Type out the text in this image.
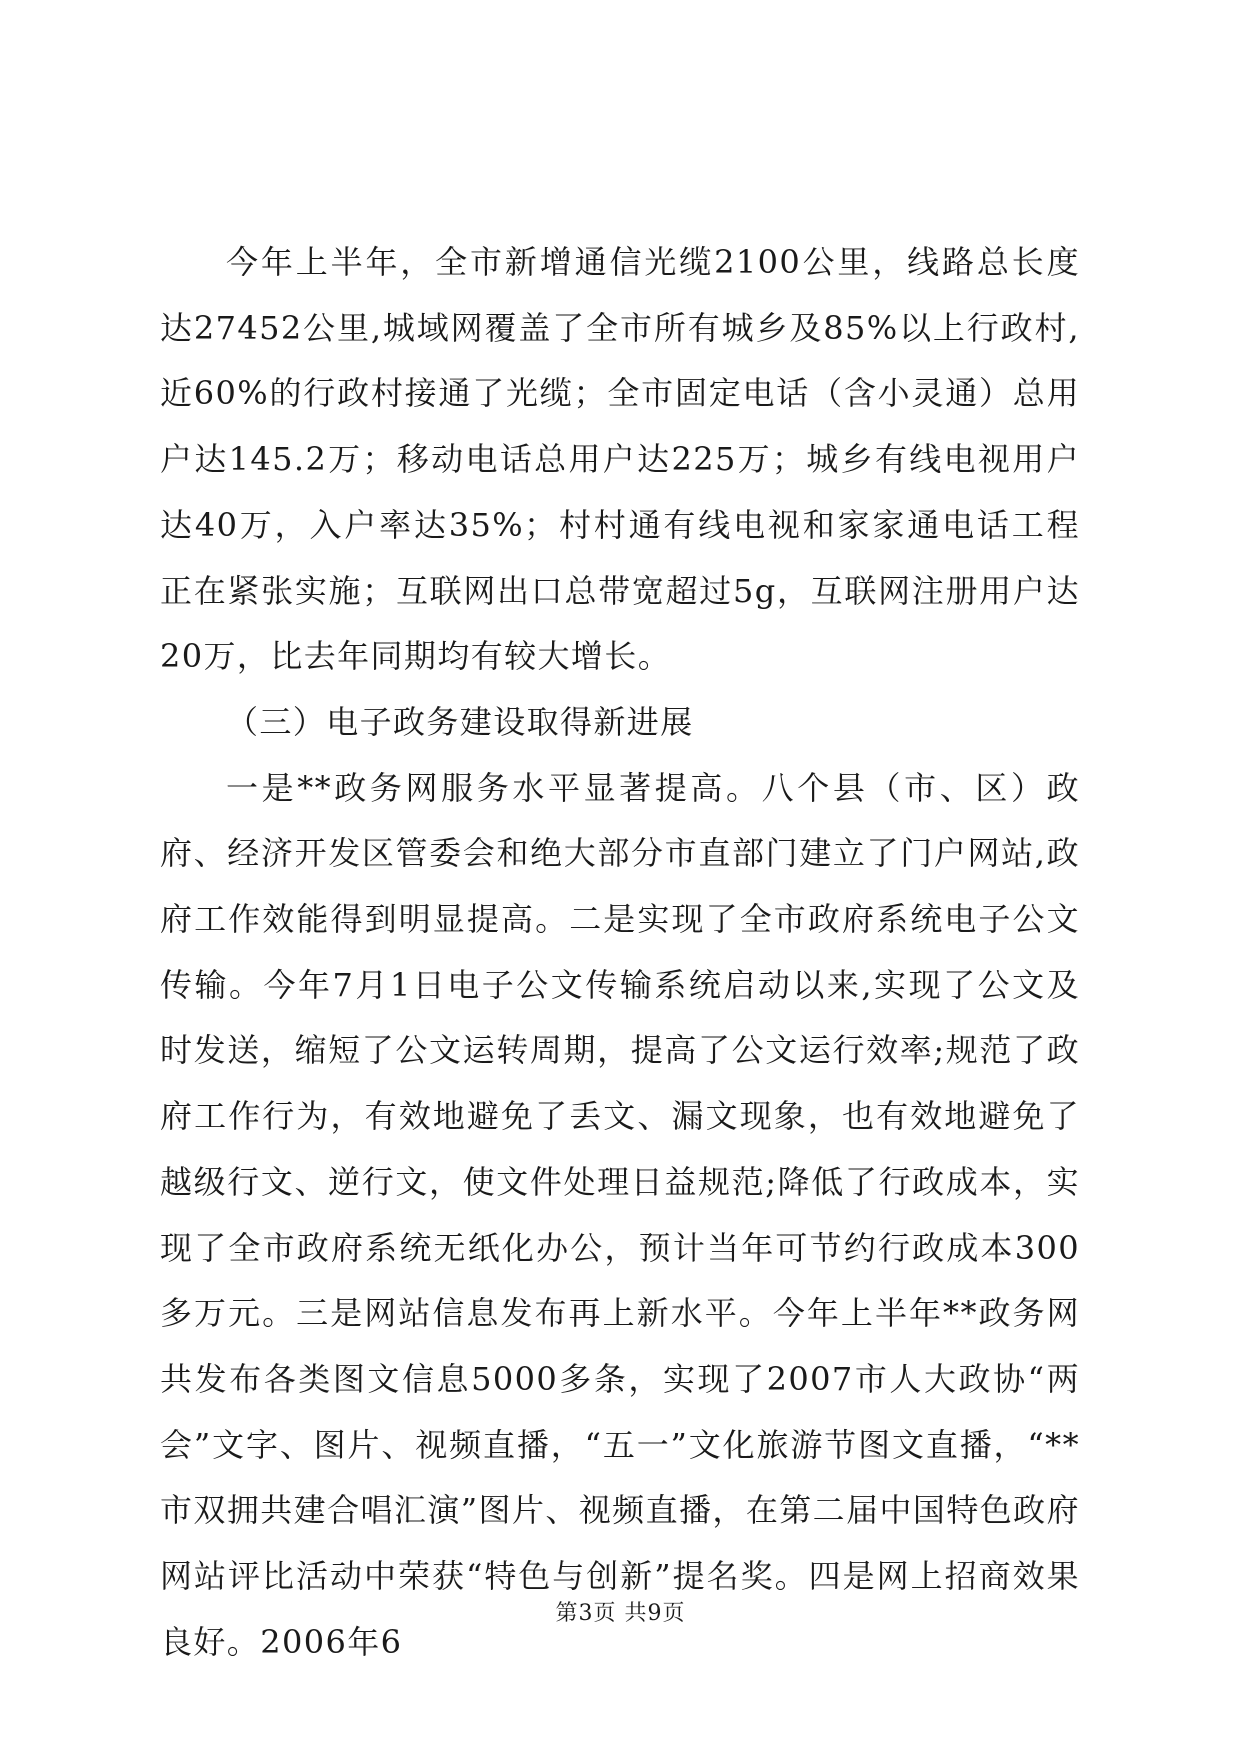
今年上半年，全市新增通信光缆2100公里，线路总长度达27452公里,城域网覆盖了全市所有城乡及85%以上行政村,近60%的行政村接通了光缆；全市固定电话（含小灵通）总用户达145.2万；移动电话总用户达225万；城乡有线电视用户达40万，入户率达35%；村村通有线电视和家家通电话工程正在紧张实施；互联网出口总带宽超过5g，互联网注册用户达20万，比去年同期均有较大增长。

（三）电子政务建设取得新进展

一是**政务网服务水平显著提高。八个县（市、区）政府、经济开发区管委会和绝大部分市直部门建立了门户网站,政府工作效能得到明显提高。二是实现了全市政府系统电子公文传输。今年7月1日电子公文传输系统启动以来,实现了公文及时发送，缩短了公文运转周期，提高了公文运行效率;规范了政府工作行为，有效地避免了丢文、漏文现象，也有效地避免了越级行文、逆行文，使文件处理日益规范;降低了行政成本，实现了全市政府系统无纸化办公，预计当年可节约行政成本300多万元。三是网站信息发布再上新水平。今年上半年**政务网共发布各类图文信息5000多条，实现了2007市人大政协“两会”文字、图片、视频直播，“五一”文化旅游节图文直播，“**市双拥共建合唱汇演”图片、视频直播，在第二届中国特色政府网站评比活动中荣获“特色与创新”提名奖。四是网上招商效果良好。2006年6

第3页 共9页
